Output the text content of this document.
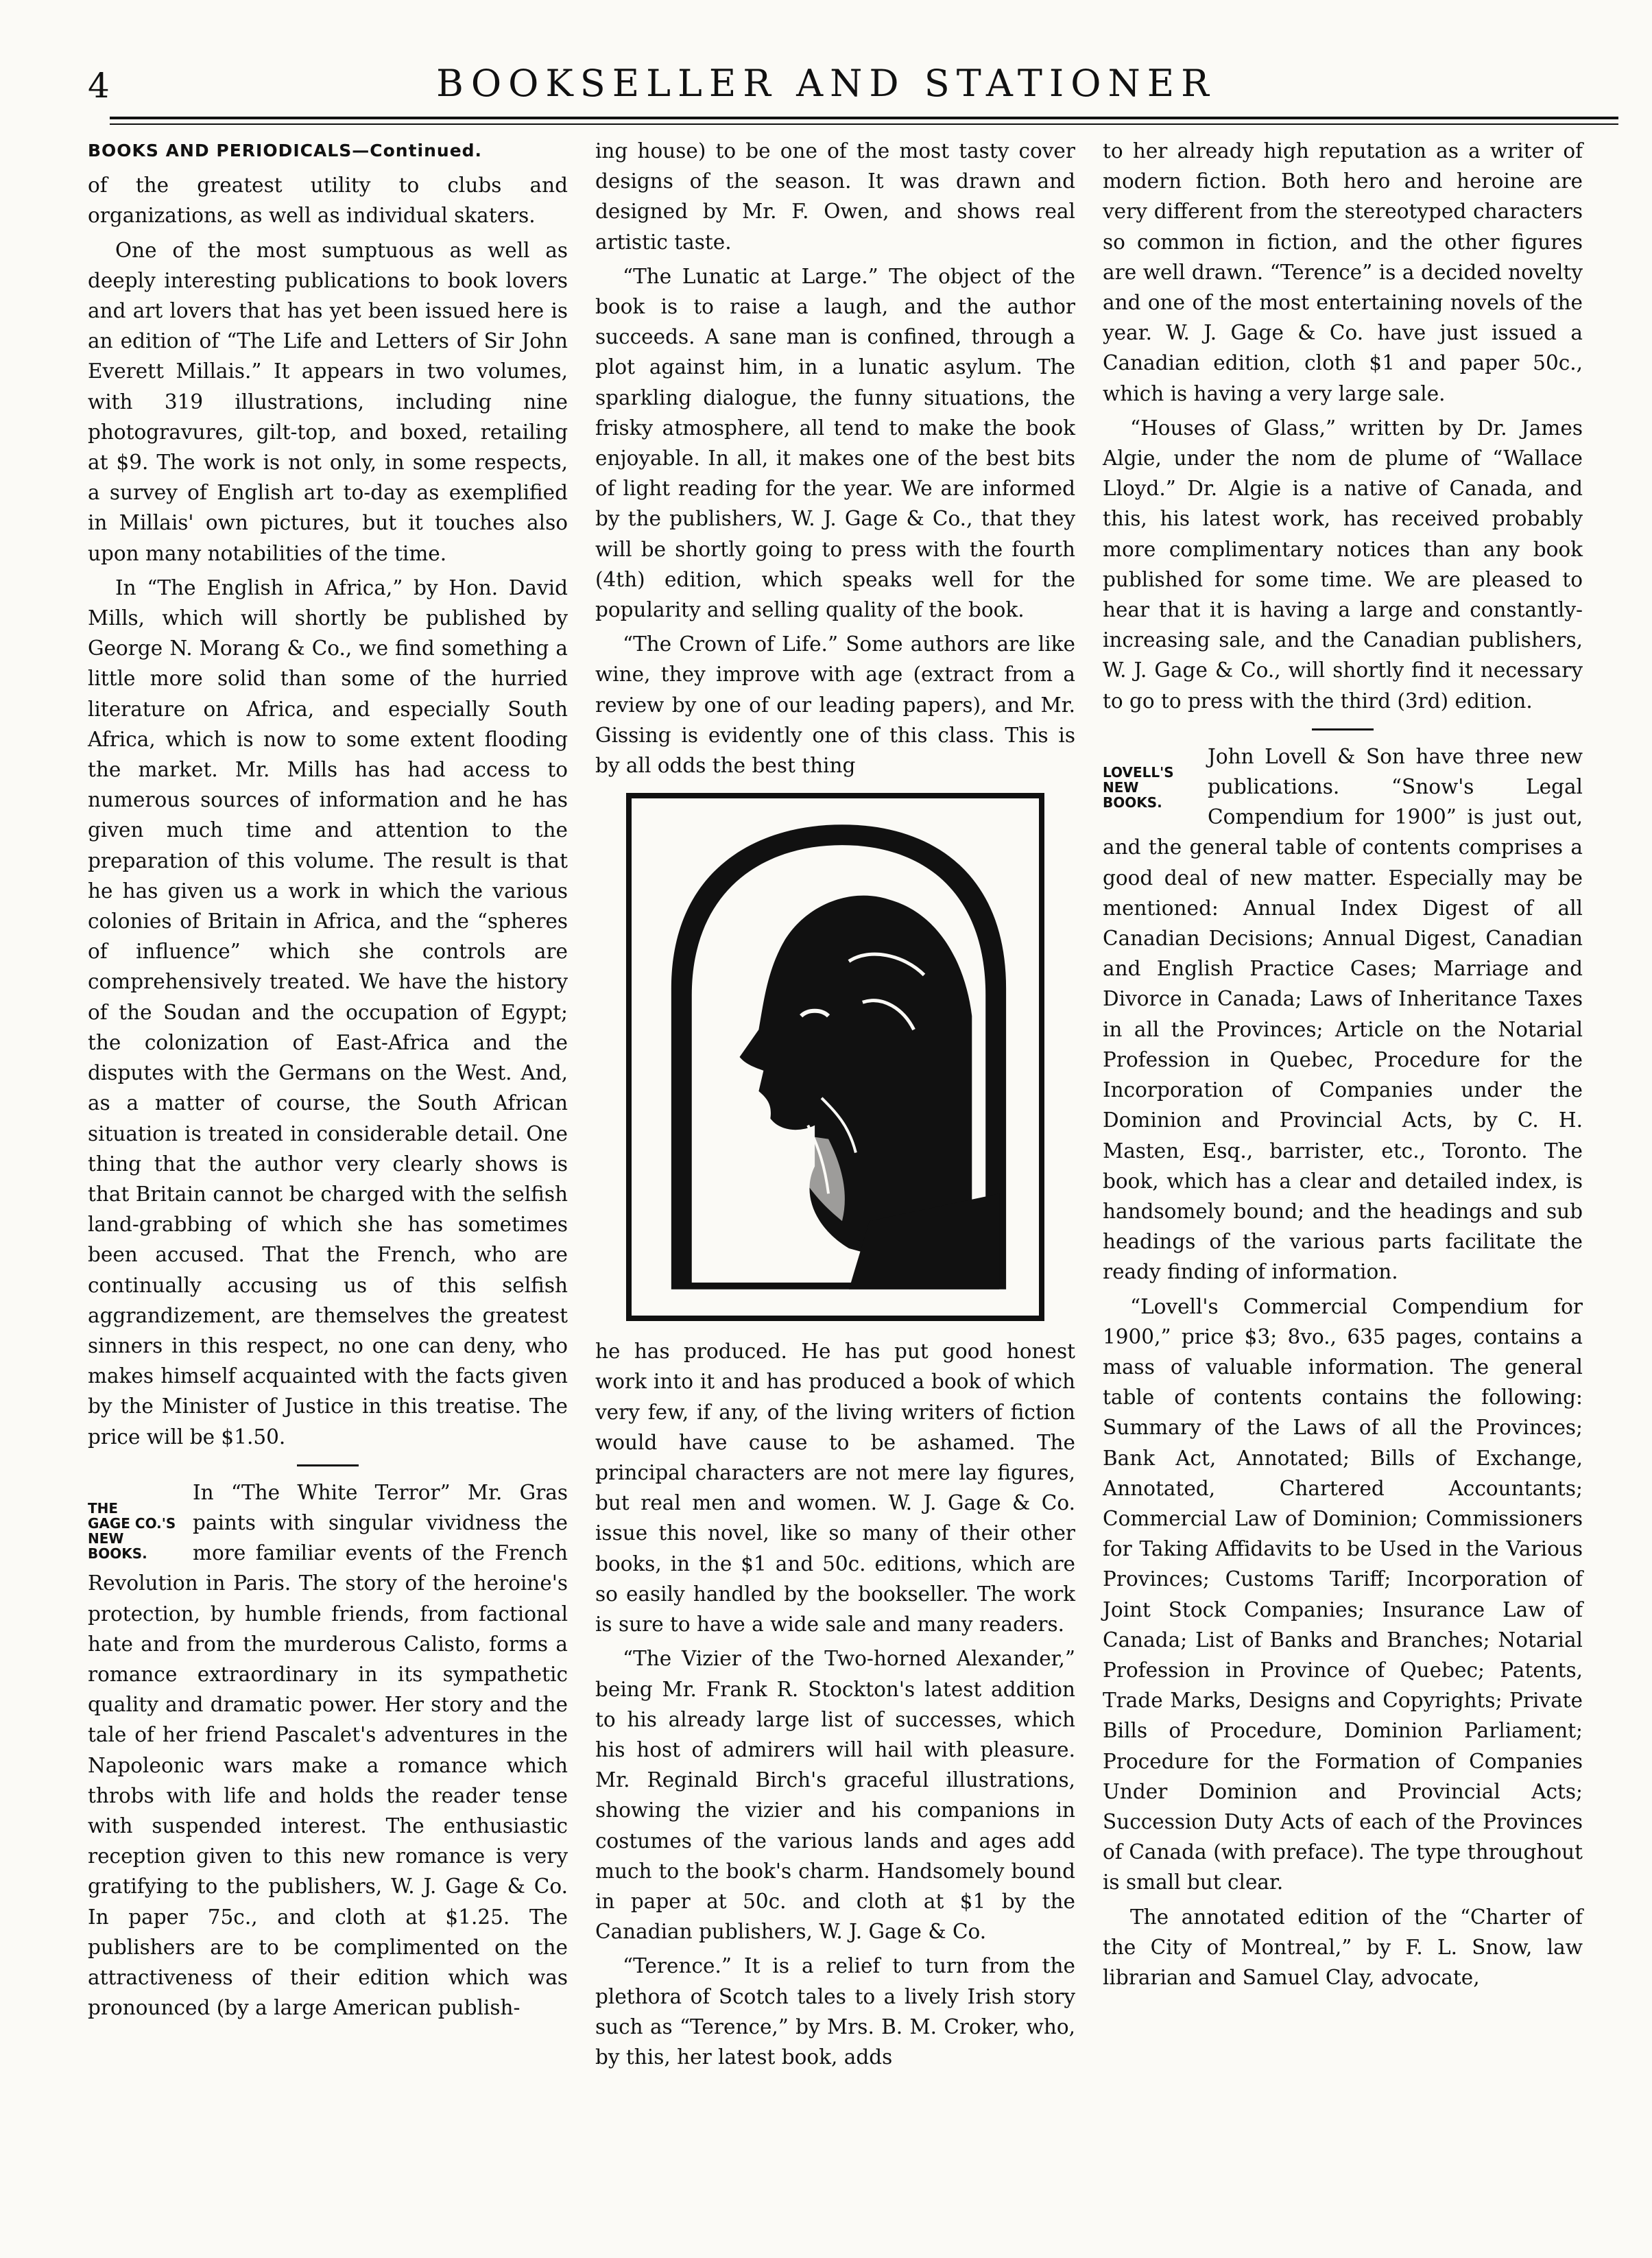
4	BOOKSELLER AND STATIONER

BOOKS AND PERIODICALS—Continued.

of the greatest utility to clubs and organizations, as well as individual skaters.

One of the most sumptuous as well as deeply interesting publications to book lovers and art lovers that has yet been issued here is an edition of “The Life and Letters of Sir John Everett Millais.” It appears in two volumes, with 319 illustrations, including nine photogravures, gilt-top, and boxed, retailing at $9. The work is not only, in some respects, a survey of English art to-day as exemplified in Millais' own pictures, but it touches also upon many notabilities of the time.

In “The English in Africa,” by Hon. David Mills, which will shortly be published by George N. Morang & Co., we find something a little more solid than some of the hurried literature on Africa, and especially South Africa, which is now to some extent flooding the market. Mr. Mills has had access to numerous sources of information and he has given much time and attention to the preparation of this volume. The result is that he has given us a work in which the various colonies of Britain in Africa, and the “spheres of influence” which she controls are comprehensively treated. We have the history of the Soudan and the occupation of Egypt; the colonization of East-Africa and the disputes with the Germans on the West. And, as a matter of course, the South African situation is treated in considerable detail. One thing that the author very clearly shows is that Britain cannot be charged with the selfish land-grabbing of which she has sometimes been accused. That the French, who are continually accusing us of this selfish aggrandizement, are themselves the greatest sinners in this respect, no one can deny, who makes himself acquainted with the facts given by the Minister of Justice in this treatise. The price will be $1.50.

THE
GAGE CO.'S
NEW BOOKS.

In “The White Terror” Mr. Gras paints with singular vividness the more familiar events of the French Revolution in Paris. The story of the heroine's protection, by humble friends, from factional hate and from the murderous Calisto, forms a romance extraordinary in its sympathetic quality and dramatic power. Her story and the tale of her friend Pascalet's adventures in the Napoleonic wars make a romance which throbs with life and holds the reader tense with suspended interest. The enthusiastic reception given to this new romance is very gratifying to the publishers, W. J. Gage & Co. In paper 75c., and cloth at $1.25. The publishers are to be complimented on the attractiveness of their edition which was pronounced (by a large American publish-

ing house) to be one of the most tasty cover designs of the season. It was drawn and designed by Mr. F. Owen, and shows real artistic taste.

“The Lunatic at Large.” The object of the book is to raise a laugh, and the author succeeds. A sane man is confined, through a plot against him, in a lunatic asylum. The sparkling dialogue, the funny situations, the frisky atmosphere, all tend to make the book enjoyable. In all, it makes one of the best bits of light reading for the year. We are informed by the publishers, W. J. Gage & Co., that they will be shortly going to press with the fourth (4th) edition, which speaks well for the popularity and selling quality of the book.

“The Crown of Life.” Some authors are like wine, they improve with age (extract from a review by one of our leading papers), and Mr. Gissing is evidently one of this class. This is by all odds the best thing

he has produced. He has put good honest work into it and has produced a book of which very few, if any, of the living writers of fiction would have cause to be ashamed. The principal characters are not mere lay figures, but real men and women. W. J. Gage & Co. issue this novel, like so many of their other books, in the $1 and 50c. editions, which are so easily handled by the bookseller. The work is sure to have a wide sale and many readers.

“The Vizier of the Two-horned Alexander,” being Mr. Frank R. Stockton's latest addition to his already large list of successes, which his host of admirers will hail with pleasure. Mr. Reginald Birch's graceful illustrations, showing the vizier and his companions in costumes of the various lands and ages add much to the book's charm. Handsomely bound in paper at 50c. and cloth at $1 by the Canadian publishers, W. J. Gage & Co.

“Terence.” It is a relief to turn from the plethora of Scotch tales to a lively Irish story such as “Terence,” by Mrs. B. M. Croker, who, by this, her latest book, adds

to her already high reputation as a writer of modern fiction. Both hero and heroine are very different from the stereotyped characters so common in fiction, and the other figures are well drawn. “Terence” is a decided novelty and one of the most entertaining novels of the year. W. J. Gage & Co. have just issued a Canadian edition, cloth $1 and paper 50c., which is having a very large sale.

“Houses of Glass,” written by Dr. James Algie, under the nom de plume of “Wallace Lloyd.” Dr. Algie is a native of Canada, and this, his latest work, has received probably more complimentary notices than any book published for some time. We are pleased to hear that it is having a large and constantly-increasing sale, and the Canadian publishers, W. J. Gage & Co., will shortly find it necessary to go to press with the third (3rd) edition.

LOVELL'S
NEW BOOKS.

John Lovell & Son have three new publications. “Snow's Legal Compendium for 1900” is just out, and the general table of contents comprises a good deal of new matter. Especially may be mentioned: Annual Index Digest of all Canadian Decisions; Annual Digest, Canadian and English Practice Cases; Marriage and Divorce in Canada; Laws of Inheritance Taxes in all the Provinces; Article on the Notarial Profession in Quebec, Procedure for the Incorporation of Companies under the Dominion and Provincial Acts, by C. H. Masten, Esq., barrister, etc., Toronto. The book, which has a clear and detailed index, is handsomely bound; and the headings and sub headings of the various parts facilitate the ready finding of information.

“Lovell's Commercial Compendium for 1900,” price $3; 8vo., 635 pages, contains a mass of valuable information. The general table of contents contains the following: Summary of the Laws of all the Provinces; Bank Act, Annotated; Bills of Exchange, Annotated, Chartered Accountants; Commercial Law of Dominion; Commissioners for Taking Affidavits to be Used in the Various Provinces; Customs Tariff; Incorporation of Joint Stock Companies; Insurance Law of Canada; List of Banks and Branches; Notarial Profession in Province of Quebec; Patents, Trade Marks, Designs and Copyrights; Private Bills of Procedure, Dominion Parliament; Procedure for the Formation of Companies Under Dominion and Provincial Acts; Succession Duty Acts of each of the Provinces of Canada (with preface). The type throughout is small but clear.

The annotated edition of the “Charter of the City of Montreal,” by F. L. Snow, law librarian and Samuel Clay, advocate,
